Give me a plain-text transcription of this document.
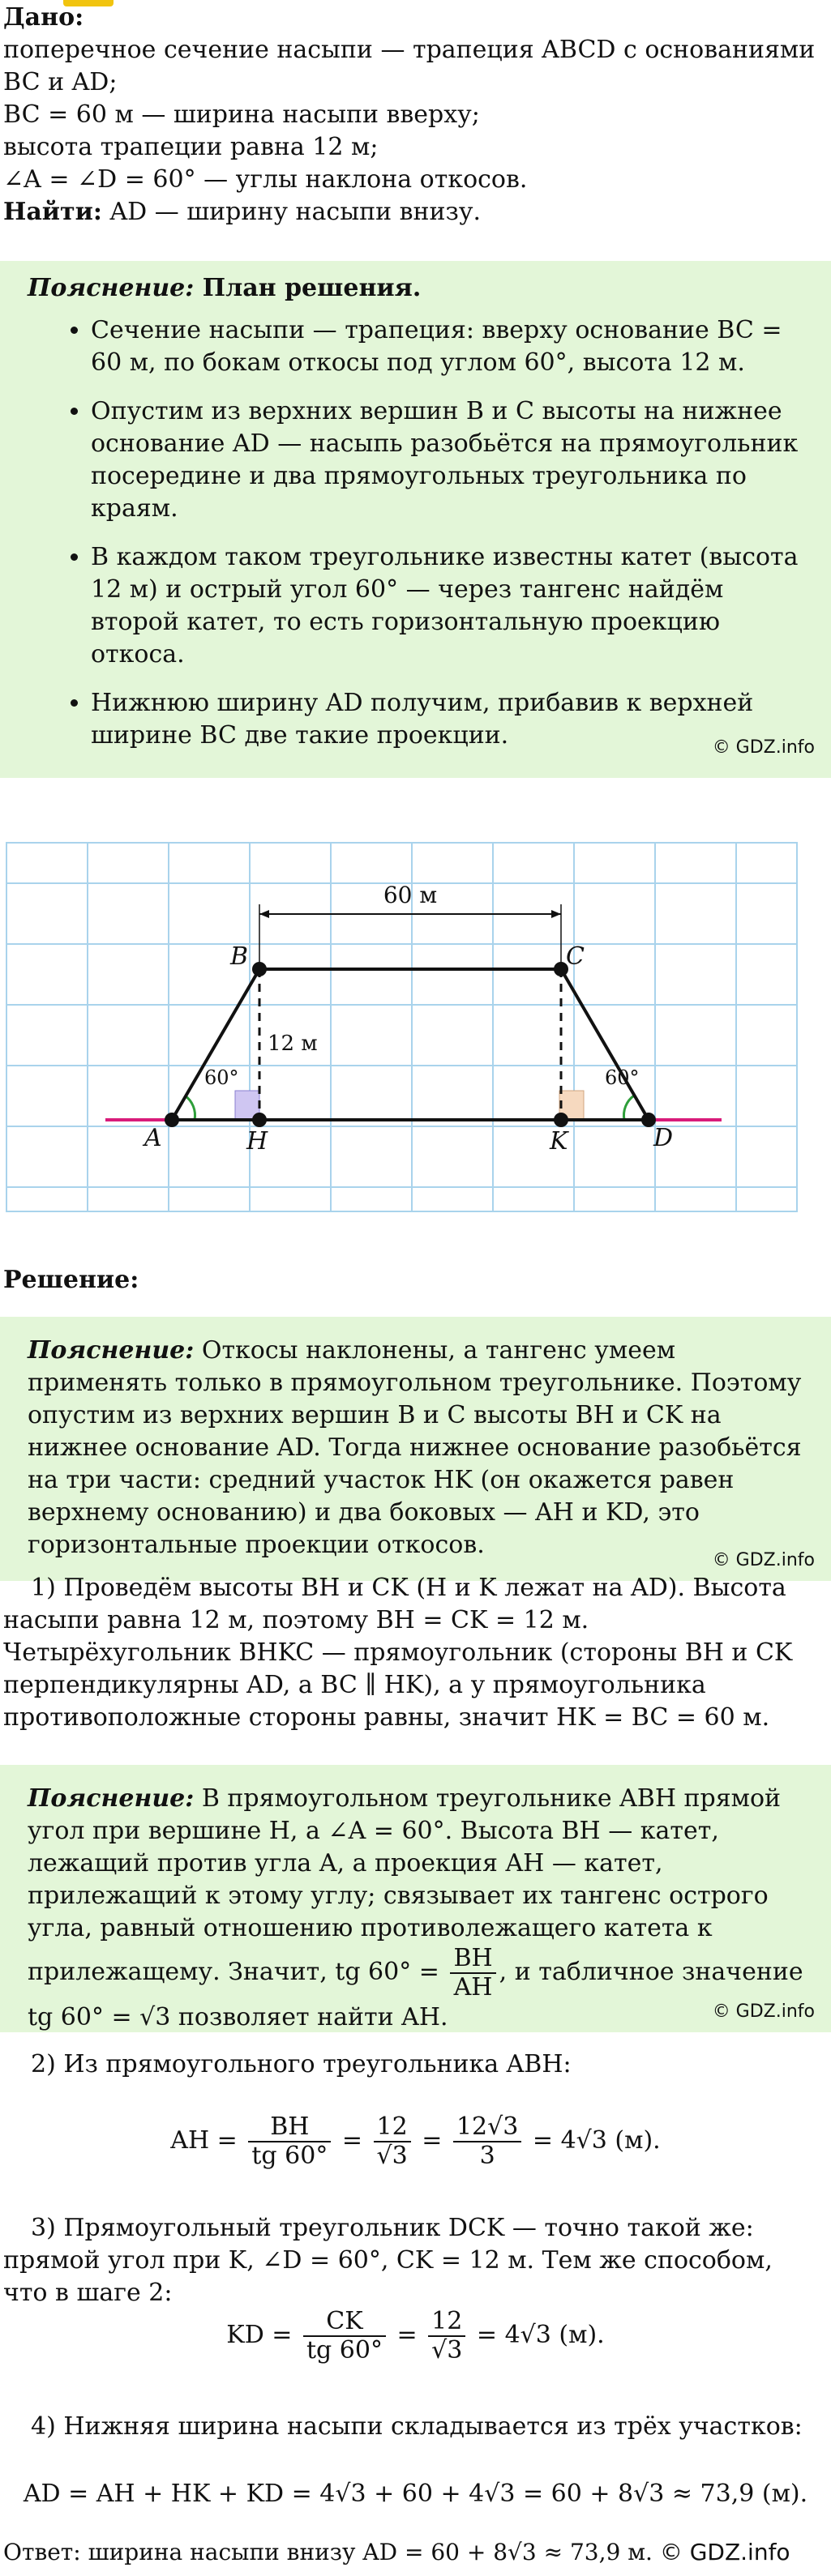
Дано:
поперечное сечение насыпи — трапеция ABCD с основаниями BC и AD;
BC = 60 м — ширина насыпи вверху;
высота трапеции равна 12 м;
∠A = ∠D = 60° — углы наклона откосов.
Найти: AD — ширину насыпи внизу.
Пояснение: План решения.
• Сечение насыпи — трапеция: вверху основание BC = 60 м, по бокам откосы под углом 60°, высота 12 м.
• Опустим из верхних вершин B и C высоты на нижнее основание AD — насыпь разобьётся на прямоугольник посередине и два прямоугольных треугольника по краям.
• В каждом таком треугольнике известны катет (высота 12 м) и острый угол 60° — через тангенс найдём второй катет, то есть горизонтальную проекцию откоса.
• Нижнюю ширину AD получим, прибавив к верхней ширине BC две такие проекции.	© GDZ.info
60 м
12 м
60°	60°
A
B	C
D
H	K
Решение:
Пояснение: Откосы наклонены, а тангенс умеем применять только в прямоугольном треугольнике. Поэтому опустим из верхних вершин B и C высоты BH и CK на нижнее основание AD. Тогда нижнее основание разобьётся на три части: средний участок HK (он окажется равен верхнему основанию) и два боковых — AH и KD, это горизонтальные проекции откосов.
© GDZ.info
1) Проведём высоты BH и CK (H и K лежат на AD). Высота насыпи равна 12 м, поэтому BH = CK = 12 м. Четырёхугольник BHKC — прямоугольник (стороны BH и CK перпендикулярны AD, а BC ∥ HK), а у прямоугольника противоположные стороны равны, значит HK = BC = 60 м.
Пояснение: В прямоугольном треугольнике ABH прямой угол при вершине H, а ∠A = 60°. Высота BH — катет, лежащий против угла A, а проекция AH — катет, прилежащий к этому углу; связывает их тангенс острого угла, равный отношению противолежащего катета к прилежащему. Значит, tg $60^\circ = \frac{BH}{AH}$ , и табличное значение tg 60° = √3 позволяет найти AH.	© GDZ.info
2) Из прямоугольного треугольника ABH:
AH = $\frac{BH}{tg 60^\circ} = \frac{12}{√3} = \frac{12√3}{3} = 4√3$ (м).
3) Прямоугольный треугольник DCK — точно такой же: прямой угол при K, ∠D = 60°, CK = 12 м. Тем же способом, что в шаге 2:
KD = $\frac{CK}{tg 60^\circ} = \frac{12}{√3} = 4√3$ (м).
4) Нижняя ширина насыпи складывается из трёх участков:
AD = AH + HK + KD = 4√3 + 60 + 4√3 = 60 + 8√3 ≈ 73,9 (м).
Ответ: ширина насыпи внизу AD = 60 + 8√3 ≈ 73,9 м. © GDZ.info
